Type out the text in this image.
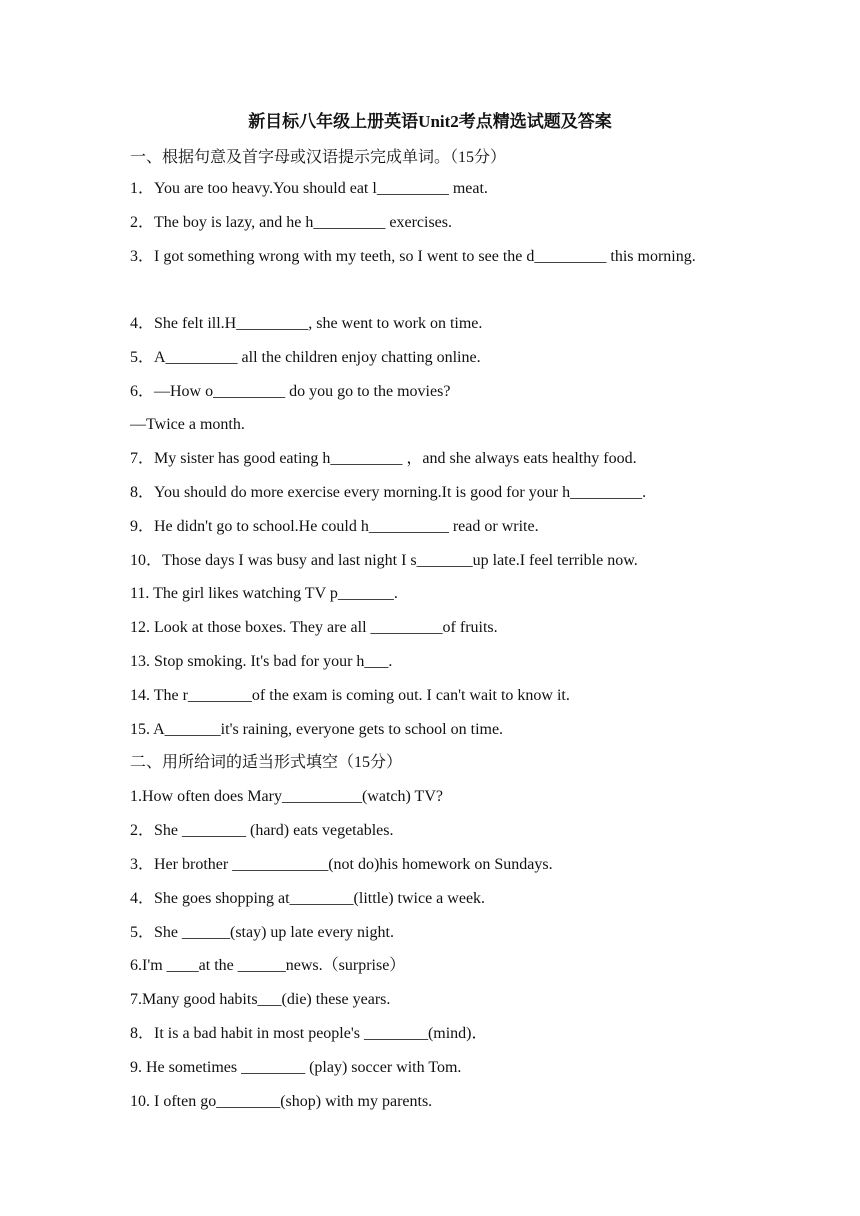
新目标八年级上册英语Unit2考点精选试题及答案
一、根据句意及首字母或汉语提示完成单词。（15分）
1．You are too heavy.You should eat l_________ meat.
2．The boy is lazy, and he h_________ exercises.
3．I got something wrong with my teeth, so I went to see the d_________ this morning.
4．She felt ill.H_________, she went to work on time.
5．A_________ all the children enjoy chatting online.
6．—How o_________ do you go to the movies?
—Twice a month.
7．My sister has good eating h_________ ，and she always eats healthy food.
8．You should do more exercise every morning.It is good for your h_________.
9．He didn't go to school.He could h__________ read or write.
10．Those days I was busy and last night I s_______up late.I feel terrible now.
11. The girl likes watching TV p_______.
12. Look at those boxes. They are all _________of fruits.
13. Stop smoking. It's bad for your h___.
14. The r________of the exam is coming out. I can't wait to know it.
15. A_______it's raining, everyone gets to school on time.
二、用所给词的适当形式填空（15分）
1.How often does Mary__________(watch) TV?
2．She ________ (hard) eats vegetables.
3．Her brother ____________(not do)his homework on Sundays.
4．She goes shopping at________(little) twice a week.
5．She ______(stay) up late every night.
6.I'm ____at the ______news.（surprise）
7.Many good habits___(die) these years.
8．It is a bad habit in most people's ________(mind)．
9. He sometimes ________ (play) soccer with Tom.
10. I often go________(shop) with my parents.
